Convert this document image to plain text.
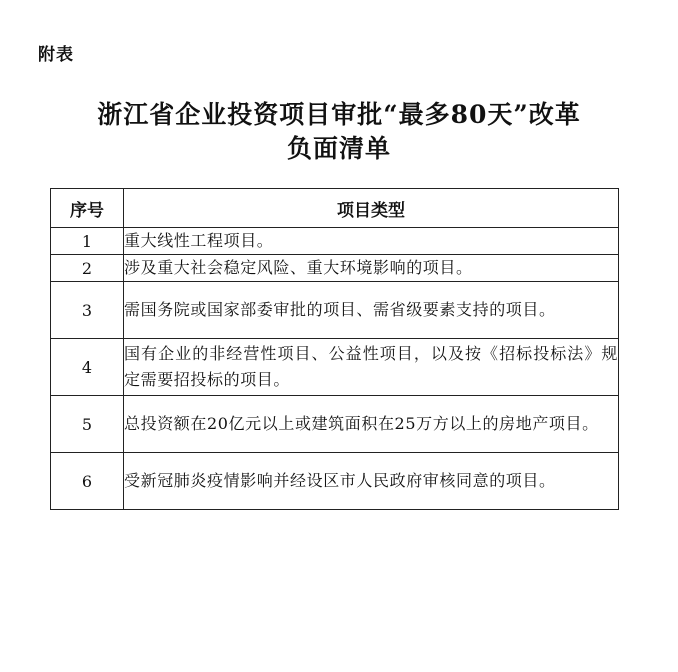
附表
浙江省企业投资项目审批“最多80天”改革
负面清单
序号	项目类型
1	重大线性工程项目。
2	涉及重大社会稳定风险、重大环境影响的项目。
3	需国务院或国家部委审批的项目、需省级要素支持的项目。
4	国有企业的非经营性项目、公益性项目，以及按《招标投标法》规定需要招投标的项目。
5	总投资额在20亿元以上或建筑面积在25万方以上的房地产项目。
6	受新冠肺炎疫情影响并经设区市人民政府审核同意的项目。
